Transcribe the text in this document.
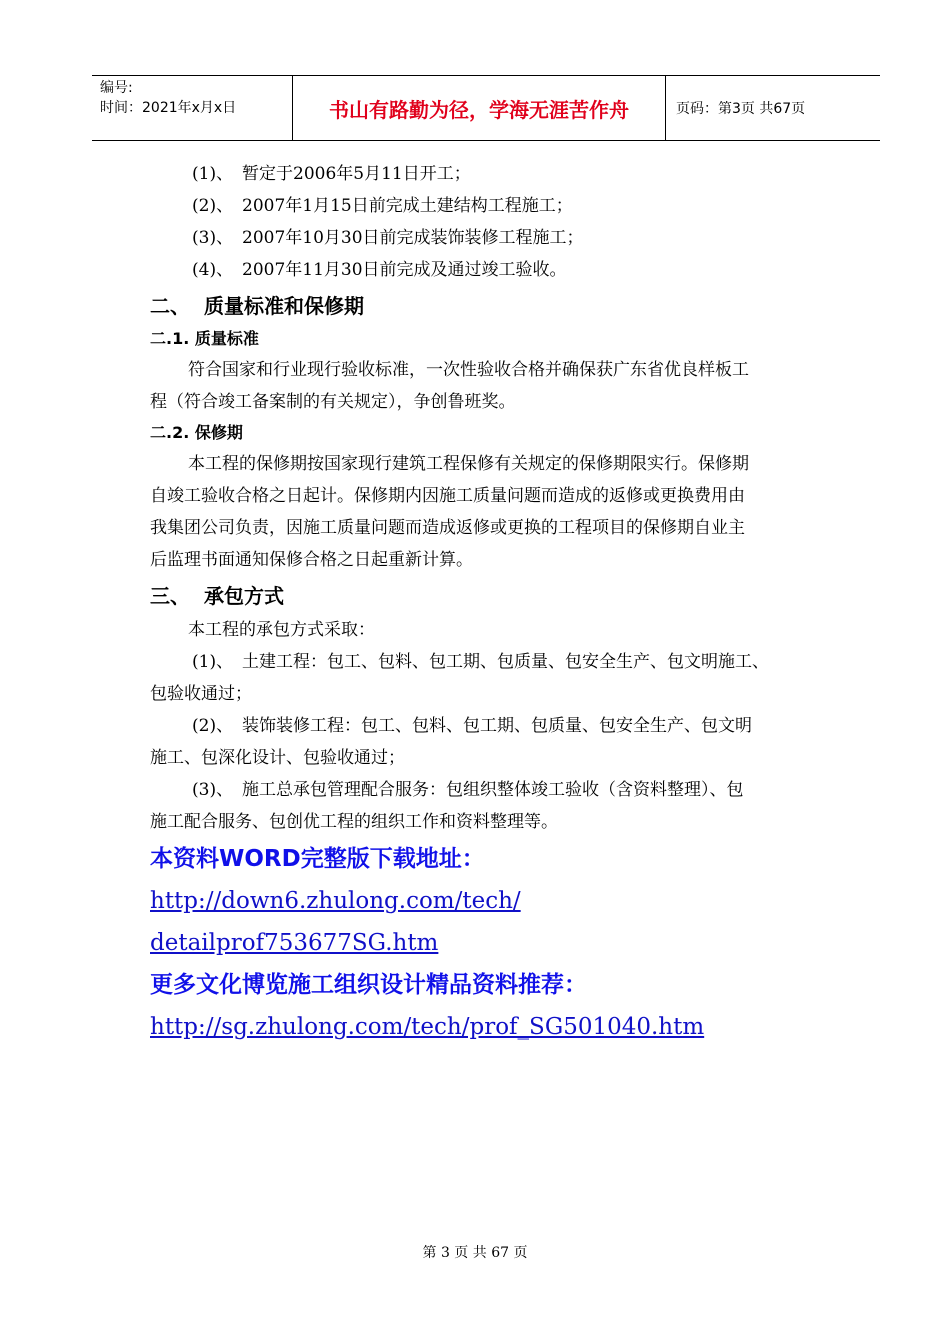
编号:
时间：2021年x月x日	书山有路勤为径，学海无涯苦作舟	页码：第3页 共67页
(1)、 暂定于2006年5月11日开工；
(2)、 2007年1月15日前完成土建结构工程施工；
(3)、 2007年10月30日前完成装饰装修工程施工；
(4)、 2007年11月30日前完成及通过竣工验收。
二、 质量标准和保修期
二.1. 质量标准
符合国家和行业现行验收标准，一次性验收合格并确保获广东省优良样板工
程（符合竣工备案制的有关规定），争创鲁班奖。
二.2. 保修期
本工程的保修期按国家现行建筑工程保修有关规定的保修期限实行。保修期
自竣工验收合格之日起计。保修期内因施工质量问题而造成的返修或更换费用由
我集团公司负责，因施工质量问题而造成返修或更换的工程项目的保修期自业主
后监理书面通知保修合格之日起重新计算。
三、 承包方式
本工程的承包方式采取：
(1)、 土建工程：包工、包料、包工期、包质量、包安全生产、包文明施工、
包验收通过；
(2)、 装饰装修工程：包工、包料、包工期、包质量、包安全生产、包文明
施工、包深化设计、包验收通过；
(3)、 施工总承包管理配合服务：包组织整体竣工验收（含资料整理）、包
施工配合服务、包创优工程的组织工作和资料整理等。
本资料WORD完整版下载地址：
http://down6.zhulong.com/tech/
detailprof753677SG.htm
更多文化博览施工组织设计精品资料推荐：
http://sg.zhulong.com/tech/prof_SG501040.htm
第 3 页 共 67 页
